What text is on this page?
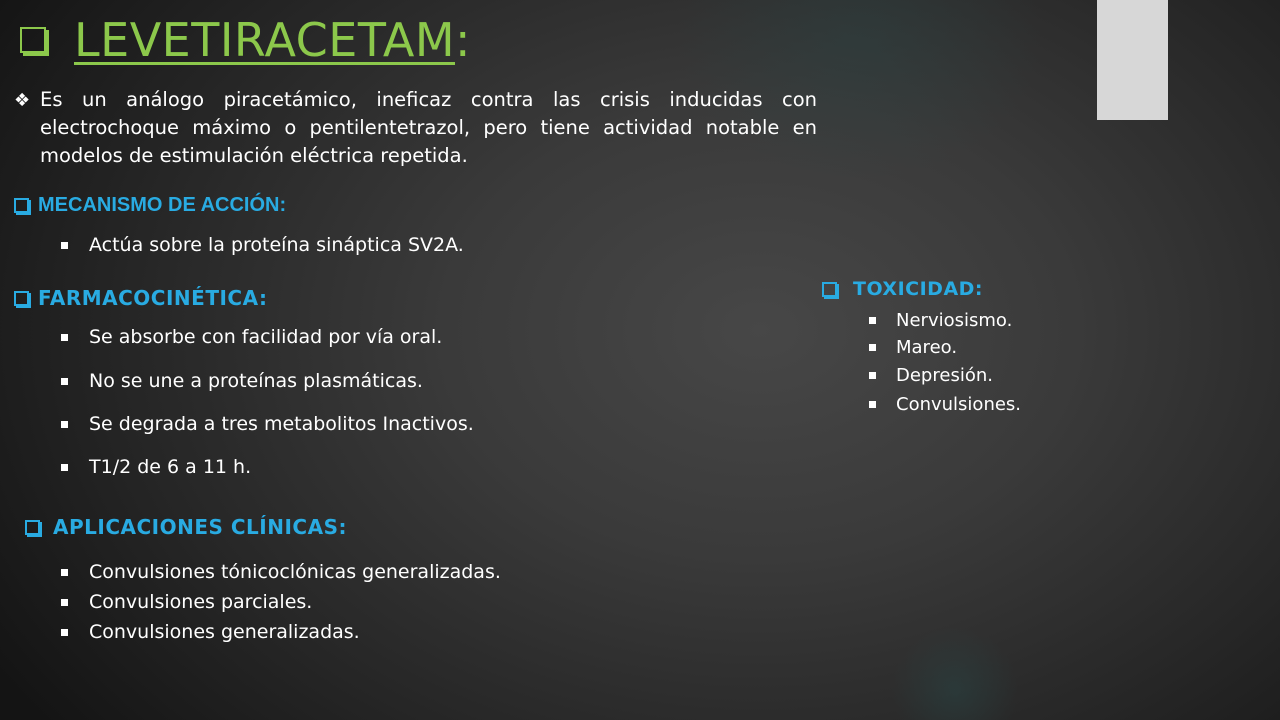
LEVETIRACETAM :
❖ Es un análogo piracetámico, ineficaz contra las crisis inducidas con electrochoque máximo o pentilentetrazol, pero tiene actividad notable en modelos de estimulación eléctrica repetida.
MECANISMO DE ACCIÓN:
Actúa sobre la proteína sináptica SV2A.
FARMACOCINÉTICA:
Se absorbe con facilidad por vía oral.
No se une a proteínas plasmáticas.
Se degrada a tres metabolitos Inactivos.
T1/2 de 6 a 11 h.
APLICACIONES CLÍNICAS:
Convulsiones tónicoclónicas generalizadas.
Convulsiones parciales.
Convulsiones generalizadas.
TOXICIDAD:
Nerviosismo.
Mareo.
Depresión.
Convulsiones.
